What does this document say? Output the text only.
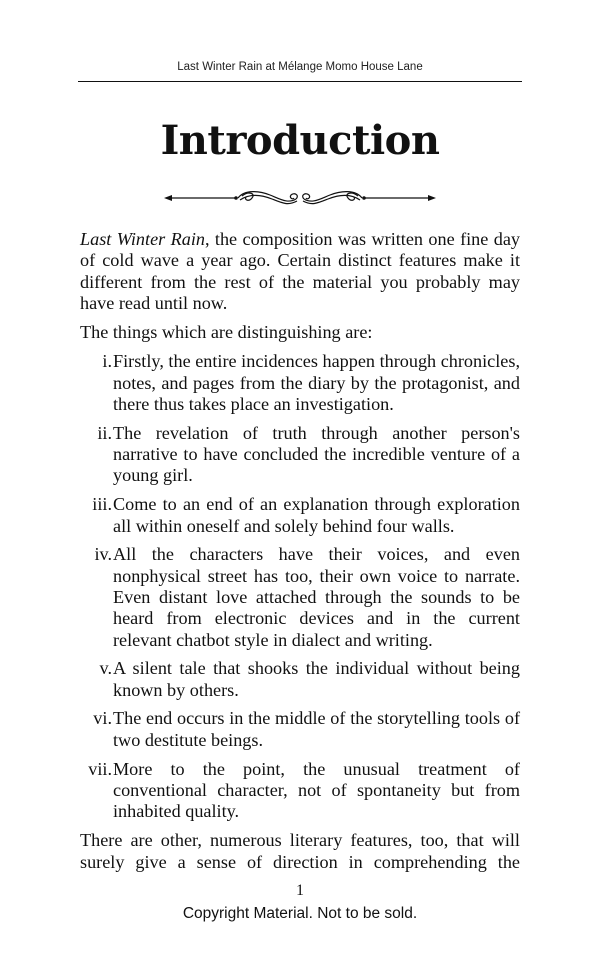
Last Winter Rain at Mélange Momo House Lane
Introduction

Last Winter Rain, the composition was written one fine day of cold wave a year ago. Certain distinct features make it different from the rest of the material you probably may have read until now.

The things which are distinguishing are:

i. Firstly, the entire incidences happen through chronicles, notes, and pages from the diary by the protagonist, and there thus takes place an investigation.
ii. The revelation of truth through another person's narrative to have concluded the incredible venture of a young girl.
iii. Come to an end of an explanation through exploration all within oneself and solely behind four walls.
iv. All the characters have their voices, and even nonphysical street has too, their own voice to narrate. Even distant love attached through the sounds to be heard from electronic devices and in the current relevant chatbot style in dialect and writing.
v. A silent tale that shooks the individual without being known by others.
vi. The end occurs in the middle of the storytelling tools of two destitute beings.
vii. More to the point, the unusual treatment of conventional character, not of spontaneity but from inhabited quality.

There are other, numerous literary features, too, that will surely give a sense of direction in comprehending the

1
Copyright Material. Not to be sold.
